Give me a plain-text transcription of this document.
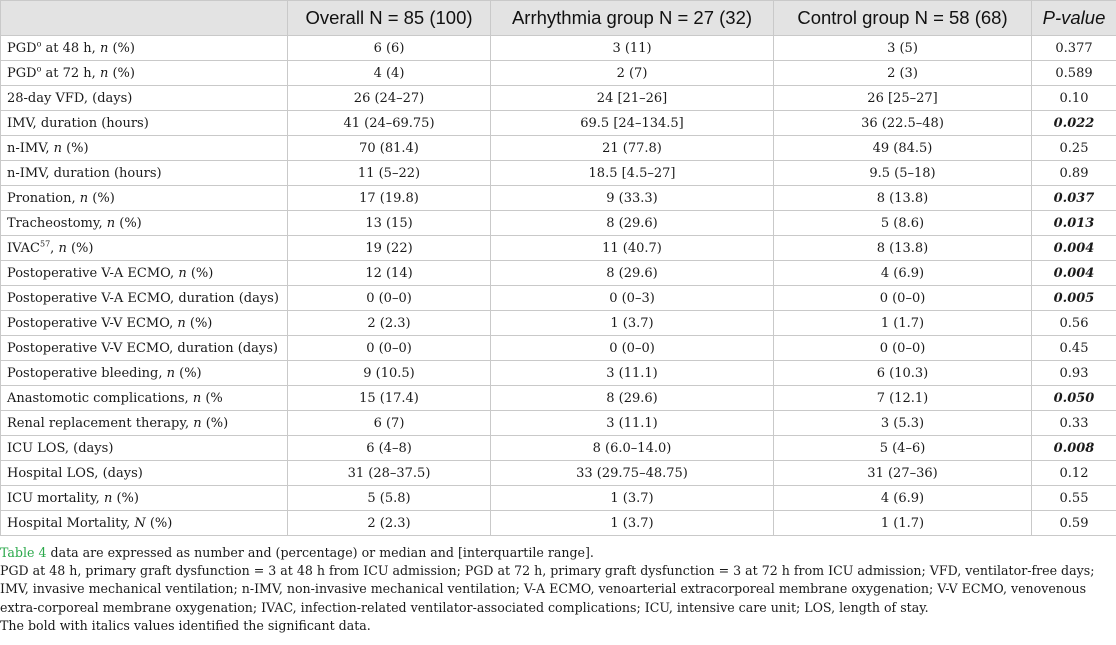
	Overall N = 85 (100)	Arrhythmia group N = 27 (32)	Control group N = 58 (68)	P-value
PGD$^o$ at 48 h, n (%)	6 (6)	3 (11)	3 (5)	0.377
PGD$^o$ at 72 h, n (%)	4 (4)	2 (7)	2 (3)	0.589
28-day VFD, (days)	26 (24–27)	24 [21–26]	26 [25–27]	0.10
IMV, duration (hours)	41 (24–69.75)	69.5 [24–134.5]	36 (22.5–48)	0.022
n-IMV, n (%)	70 (81.4)	21 (77.8)	49 (84.5)	0.25
n-IMV, duration (hours)	11 (5–22)	18.5 [4.5–27]	9.5 (5–18)	0.89
Pronation, n (%)	17 (19.8)	9 (33.3)	8 (13.8)	0.037
Tracheostomy, n (%)	13 (15)	8 (29.6)	5 (8.6)	0.013
IVAC$^{57}$, n (%)	19 (22)	11 (40.7)	8 (13.8)	0.004
Postoperative V-A ECMO, n (%)	12 (14)	8 (29.6)	4 (6.9)	0.004
Postoperative V-A ECMO, duration (days)	0 (0–0)	0 (0–3)	0 (0–0)	0.005
Postoperative V-V ECMO, n (%)	2 (2.3)	1 (3.7)	1 (1.7)	0.56
Postoperative V-V ECMO, duration (days)	0 (0–0)	0 (0–0)	0 (0–0)	0.45
Postoperative bleeding, n (%)	9 (10.5)	3 (11.1)	6 (10.3)	0.93
Anastomotic complications, n (%	15 (17.4)	8 (29.6)	7 (12.1)	0.050
Renal replacement therapy, n (%)	6 (7)	3 (11.1)	3 (5.3)	0.33
ICU LOS, (days)	6 (4–8)	8 (6.0–14.0)	5 (4–6)	0.008
Hospital LOS, (days)	31 (28–37.5)	33 (29.75–48.75)	31 (27–36)	0.12
ICU mortality, n (%)	5 (5.8)	1 (3.7)	4 (6.9)	0.55
Hospital Mortality, N (%)	2 (2.3)	1 (3.7)	1 (1.7)	0.59

Table 4 data are expressed as number and (percentage) or median and [interquartile range].

PGD at 48 h, primary graft dysfunction = 3 at 48 h from ICU admission; PGD at 72 h, primary graft dysfunction = 3 at 72 h from ICU admission; VFD, ventilator-free days; IMV, invasive mechanical ventilation; n-IMV, non-invasive mechanical ventilation; V-A ECMO, venoarterial extracorporeal membrane oxygenation; V-V ECMO, venovenous extra-corporeal membrane oxygenation; IVAC, infection-related ventilator-associated complications; ICU, intensive care unit; LOS, length of stay.

The bold with italics values identified the significant data.
